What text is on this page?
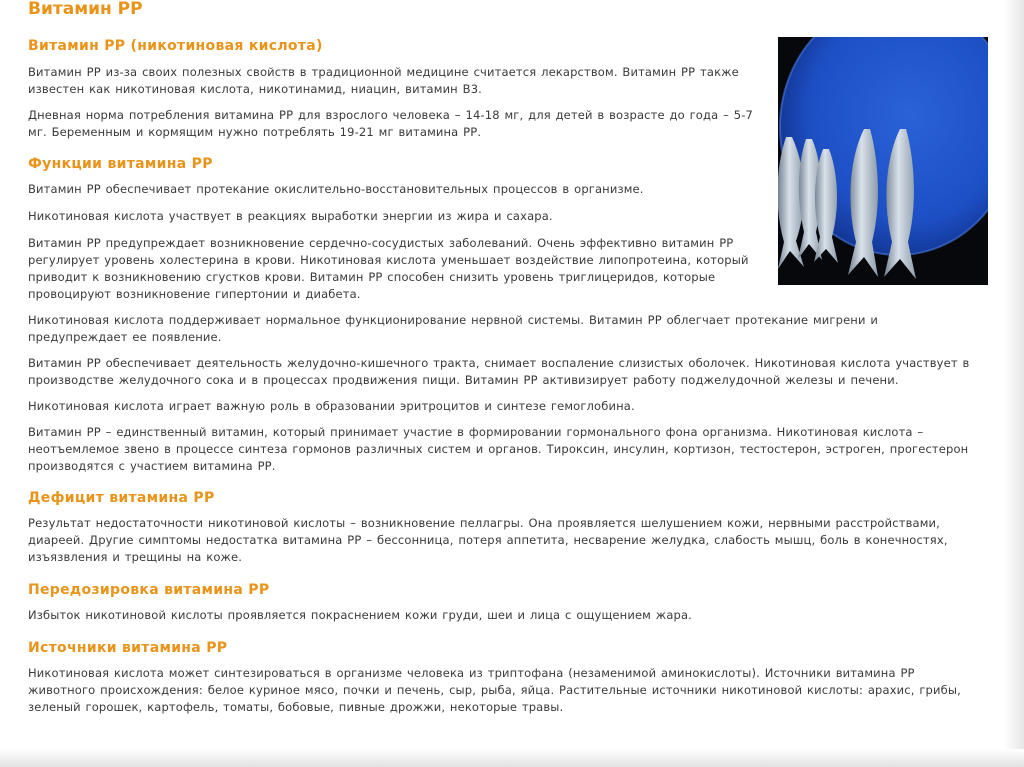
Витамин РР
Витамин РР (никотиновая кислота)

Витамин РР из-за своих полезных свойств в традиционной медицине считается лекарством. Витамин РР также известен как никотиновая кислота, никотинамид, ниацин, витамин В3.

Дневная норма потребления витамина РР для взрослого человека – 14-18 мг, для детей в возрасте до года – 5-7 мг. Беременным и кормящим нужно потреблять 19-21 мг витамина РР.

Функции витамина РР

Витамин РР обеспечивает протекание окислительно-восстановительных процессов в организме.

Никотиновая кислота участвует в реакциях выработки энергии из жира и сахара.

Витамин РР предупреждает возникновение сердечно-сосудистых заболеваний. Очень эффективно витамин РР регулирует уровень холестерина в крови. Никотиновая кислота уменьшает воздействие липопротеина, который приводит к возникновению сгустков крови. Витамин РР способен снизить уровень триглицеридов, которые провоцируют возникновение гипертонии и диабета.

Никотиновая кислота поддерживает нормальное функционирование нервной системы. Витамин РР облегчает протекание мигрени и предупреждает ее появление.

Витамин РР обеспечивает деятельность желудочно-кишечного тракта, снимает воспаление слизистых оболочек. Никотиновая кислота участвует в производстве желудочного сока и в процессах продвижения пищи. Витамин РР активизирует работу поджелудочной железы и печени.

Никотиновая кислота играет важную роль в образовании эритроцитов и синтезе гемоглобина.

Витамин РР – единственный витамин, который принимает участие в формировании гормонального фона организма. Никотиновая кислота – неотъемлемое звено в процессе синтеза гормонов различных систем и органов. Тироксин, инсулин, кортизон, тестостерон, эстроген, прогестерон производятся с участием витамина РР.

Дефицит витамина РР

Результат недостаточности никотиновой кислоты – возникновение пеллагры. Она проявляется шелушением кожи, нервными расстройствами, диареей. Другие симптомы недостатка витамина РР – бессонница, потеря аппетита, несварение желудка, слабость мышц, боль в конечностях, изъязвления и трещины на коже.

Передозировка витамина РР

Избыток никотиновой кислоты проявляется покраснением кожи груди, шеи и лица с ощущением жара.

Источники витамина РР

Никотиновая кислота может синтезироваться в организме человека из триптофана (незаменимой аминокислоты). Источники витамина РР животного происхождения: белое куриное мясо, почки и печень, сыр, рыба, яйца. Растительные источники никотиновой кислоты: арахис, грибы, зеленый горошек, картофель, томаты, бобовые, пивные дрожжи, некоторые травы.
